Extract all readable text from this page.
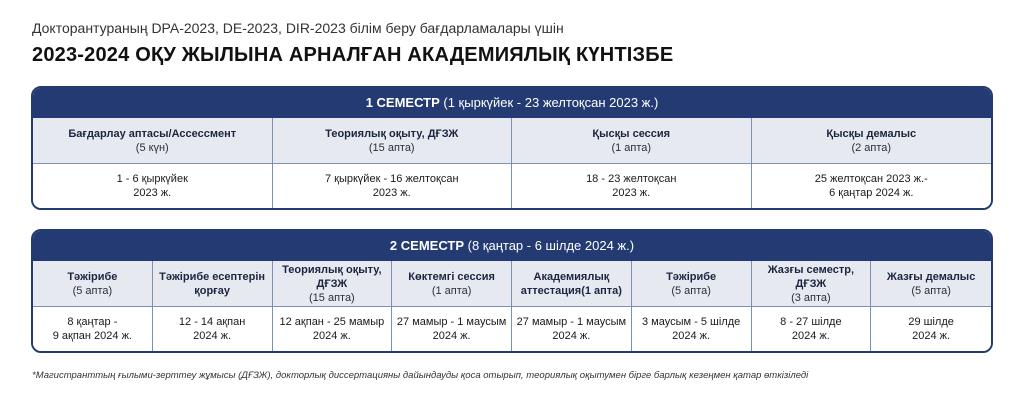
Докторантураның DPA-2023, DE-2023, DIR-2023 білім беру бағдарламалары үшін
2023-2024 ОҚУ ЖЫЛЫНА АРНАЛҒАН АКАДЕМИЯЛЫҚ КҮНТІЗБЕ
1 СЕМЕСТР (1 қыркүйек - 23 желтоқсан 2023 ж.)
Бағдарлау аптасы/Ассессмент
(5 күн)
Теориялық оқыту, ДҒЗЖ
(15 апта)
Қысқы сессия
(1 апта)
Қысқы демалыс
(2 апта)
1 - 6 қыркүйек
2023 ж.
7 қыркүйек - 16 желтоқсан
2023 ж.
18 - 23 желтоқсан
2023 ж.
25 желтоқсан 2023 ж.-
6 қаңтар 2024 ж.
2 СЕМЕСТР (8 қаңтар - 6 шілде 2024 ж.)
Тәжірибе
(5 апта)
Тәжірибе есептерін
қорғау
Теориялық оқыту, ДҒЗЖ
(15 апта)
Көктемгі сессия
(1 апта)
Академиялық
аттестация(1 апта)
Тәжірибе
(5 апта)
Жазғы семестр, ДҒЗЖ
(3 апта)
Жазғы демалыс
(5 апта)
8 қаңтар -
9 ақпан 2024 ж.
12 - 14 ақпан
2024 ж.
12 ақпан - 25 мамыр
2024 ж.
27 мамыр - 1 маусым
2024 ж.
27 мамыр - 1 маусым
2024 ж.
3 маусым - 5 шілде
2024 ж.
8 - 27 шілде
2024 ж.
29 шілде
2024 ж.
*Магистранттың ғылыми-зерттеу жұмысы (ДҒЗЖ), докторлық диссертацияны дайындауды қоса отырып, теориялық оқытумен бірге барлық кезеңмен қатар өткізіледі
